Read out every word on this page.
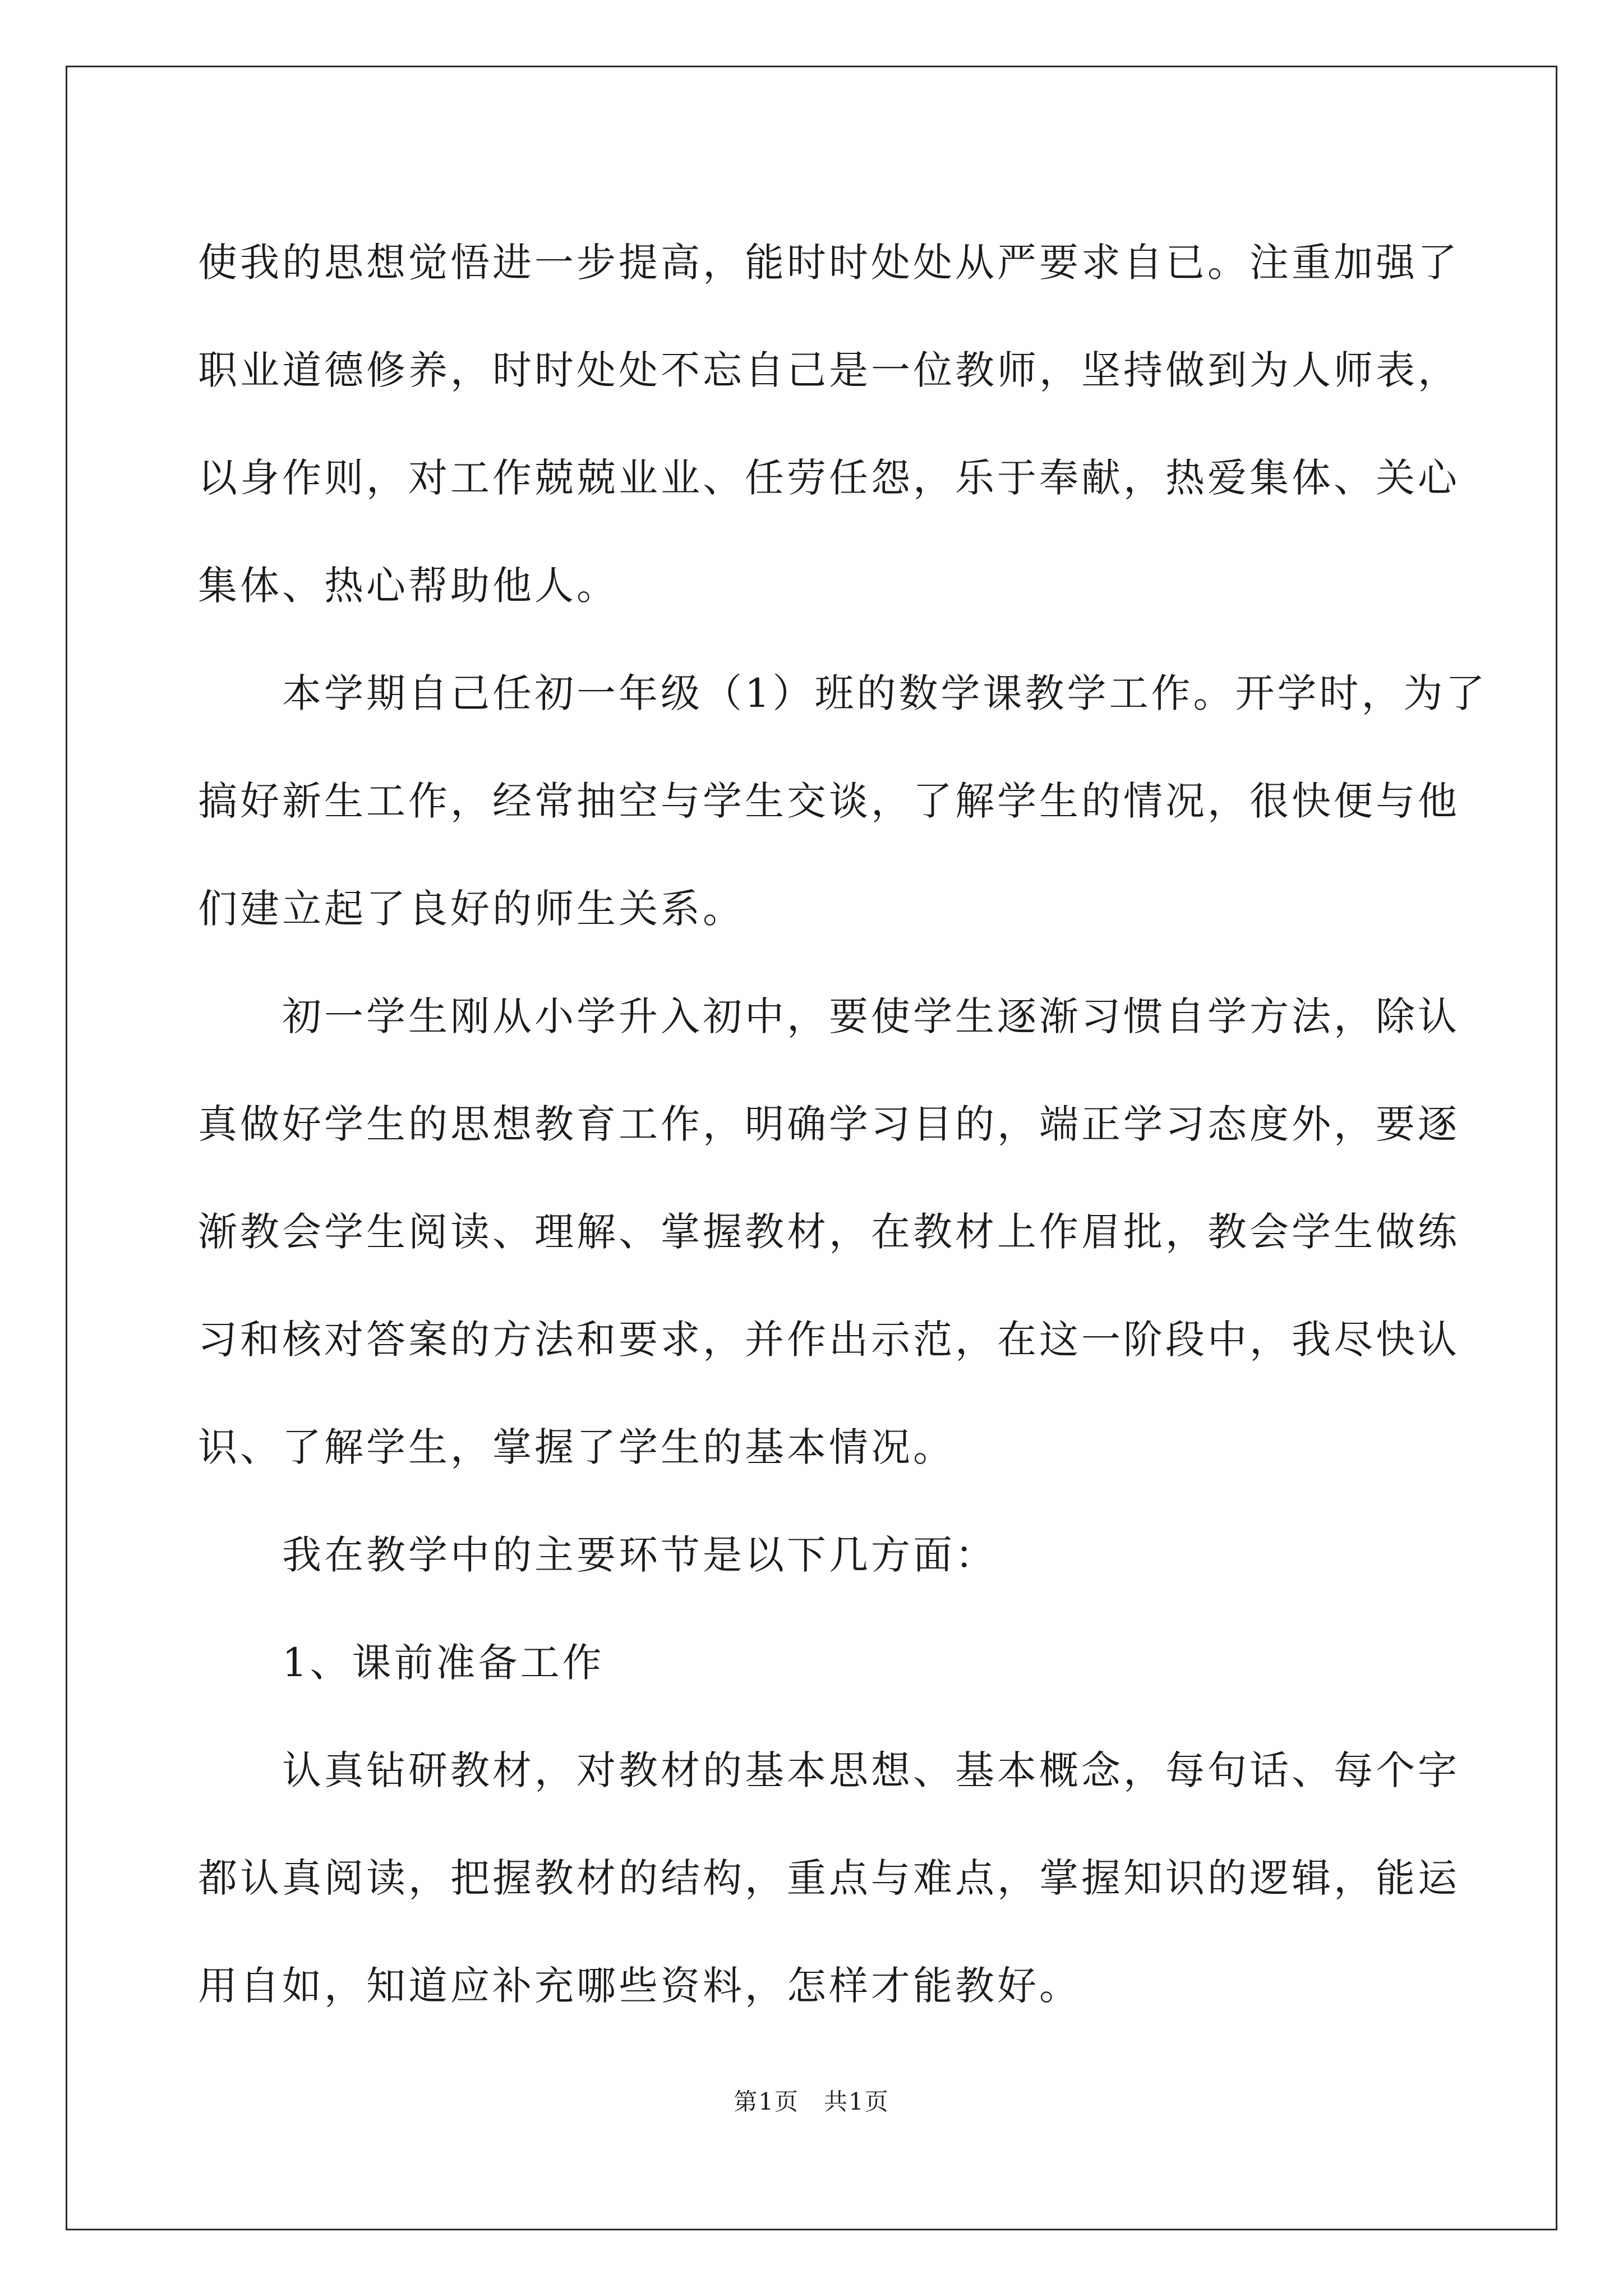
使我的思想觉悟进一步提高，能时时处处从严要求自已。注重加强了
职业道德修养，时时处处不忘自己是一位教师，坚持做到为人师表，
以身作则，对工作兢兢业业、任劳任怨，乐于奉献，热爱集体、关心
集体、热心帮助他人。
本学期自己任初一年级（1）班的数学课教学工作。开学时，为了
搞好新生工作，经常抽空与学生交谈，了解学生的情况，很快便与他
们建立起了良好的师生关系。
初一学生刚从小学升入初中，要使学生逐渐习惯自学方法，除认
真做好学生的思想教育工作，明确学习目的，端正学习态度外，要逐
渐教会学生阅读、理解、掌握教材，在教材上作眉批，教会学生做练
习和核对答案的方法和要求，并作出示范，在这一阶段中，我尽快认
识、了解学生，掌握了学生的基本情况。
我在教学中的主要环节是以下几方面：
1、课前准备工作
认真钻研教材，对教材的基本思想、基本概念，每句话、每个字
都认真阅读，把握教材的结构，重点与难点，掌握知识的逻辑，能运
用自如，知道应补充哪些资料，怎样才能教好。
第1页　共1页
